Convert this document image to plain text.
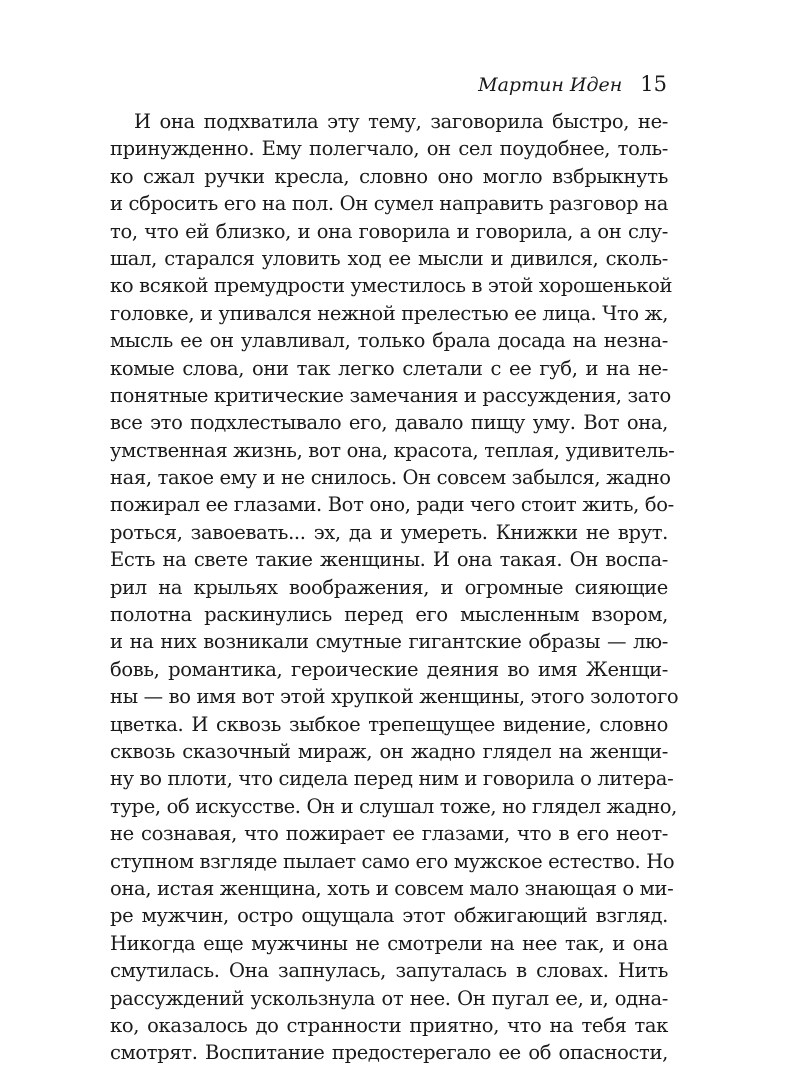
Мартин Иден 15
И она подхватила эту тему, заговорила быстро, не-
принужденно. Ему полегчало, он сел поудобнее, толь-
ко сжал ручки кресла, словно оно могло взбрыкнуть
и сбросить его на пол. Он сумел направить разговор на
то, что ей близко, и она говорила и говорила, а он слу-
шал, старался уловить ход ее мысли и дивился, сколь-
ко всякой премудрости уместилось в этой хорошенькой
головке, и упивался нежной прелестью ее лица. Что ж,
мысль ее он улавливал, только брала досада на незна-
комые слова, они так легко слетали с ее губ, и на не-
понятные критические замечания и рассуждения, зато
все это подхлестывало его, давало пищу уму. Вот она,
умственная жизнь, вот она, красота, теплая, удивитель-
ная, такое ему и не снилось. Он совсем забылся, жадно
пожирал ее глазами. Вот оно, ради чего стоит жить, бо-
роться, завоевать... эх, да и умереть. Книжки не врут.
Есть на свете такие женщины. И она такая. Он воспа-
рил на крыльях воображения, и огромные сияющие
полотна раскинулись перед его мысленным взором,
и на них возникали смутные гигантские образы — лю-
бовь, романтика, героические деяния во имя Женщи-
ны — во имя вот этой хрупкой женщины, этого золотого
цветка. И сквозь зыбкое трепещущее видение, словно
сквозь сказочный мираж, он жадно глядел на женщи-
ну во плоти, что сидела перед ним и говорила о литера-
туре, об искусстве. Он и слушал тоже, но глядел жадно,
не сознавая, что пожирает ее глазами, что в его неот-
ступном взгляде пылает само его мужское естество. Но
она, истая женщина, хоть и совсем мало знающая о ми-
ре мужчин, остро ощущала этот обжигающий взгляд.
Никогда еще мужчины не смотрели на нее так, и она
смутилась. Она запнулась, запуталась в словах. Нить
рассуждений ускользнула от нее. Он пугал ее, и, одна-
ко, оказалось до странности приятно, что на тебя так
смотрят. Воспитание предостерегало ее об опасности,
